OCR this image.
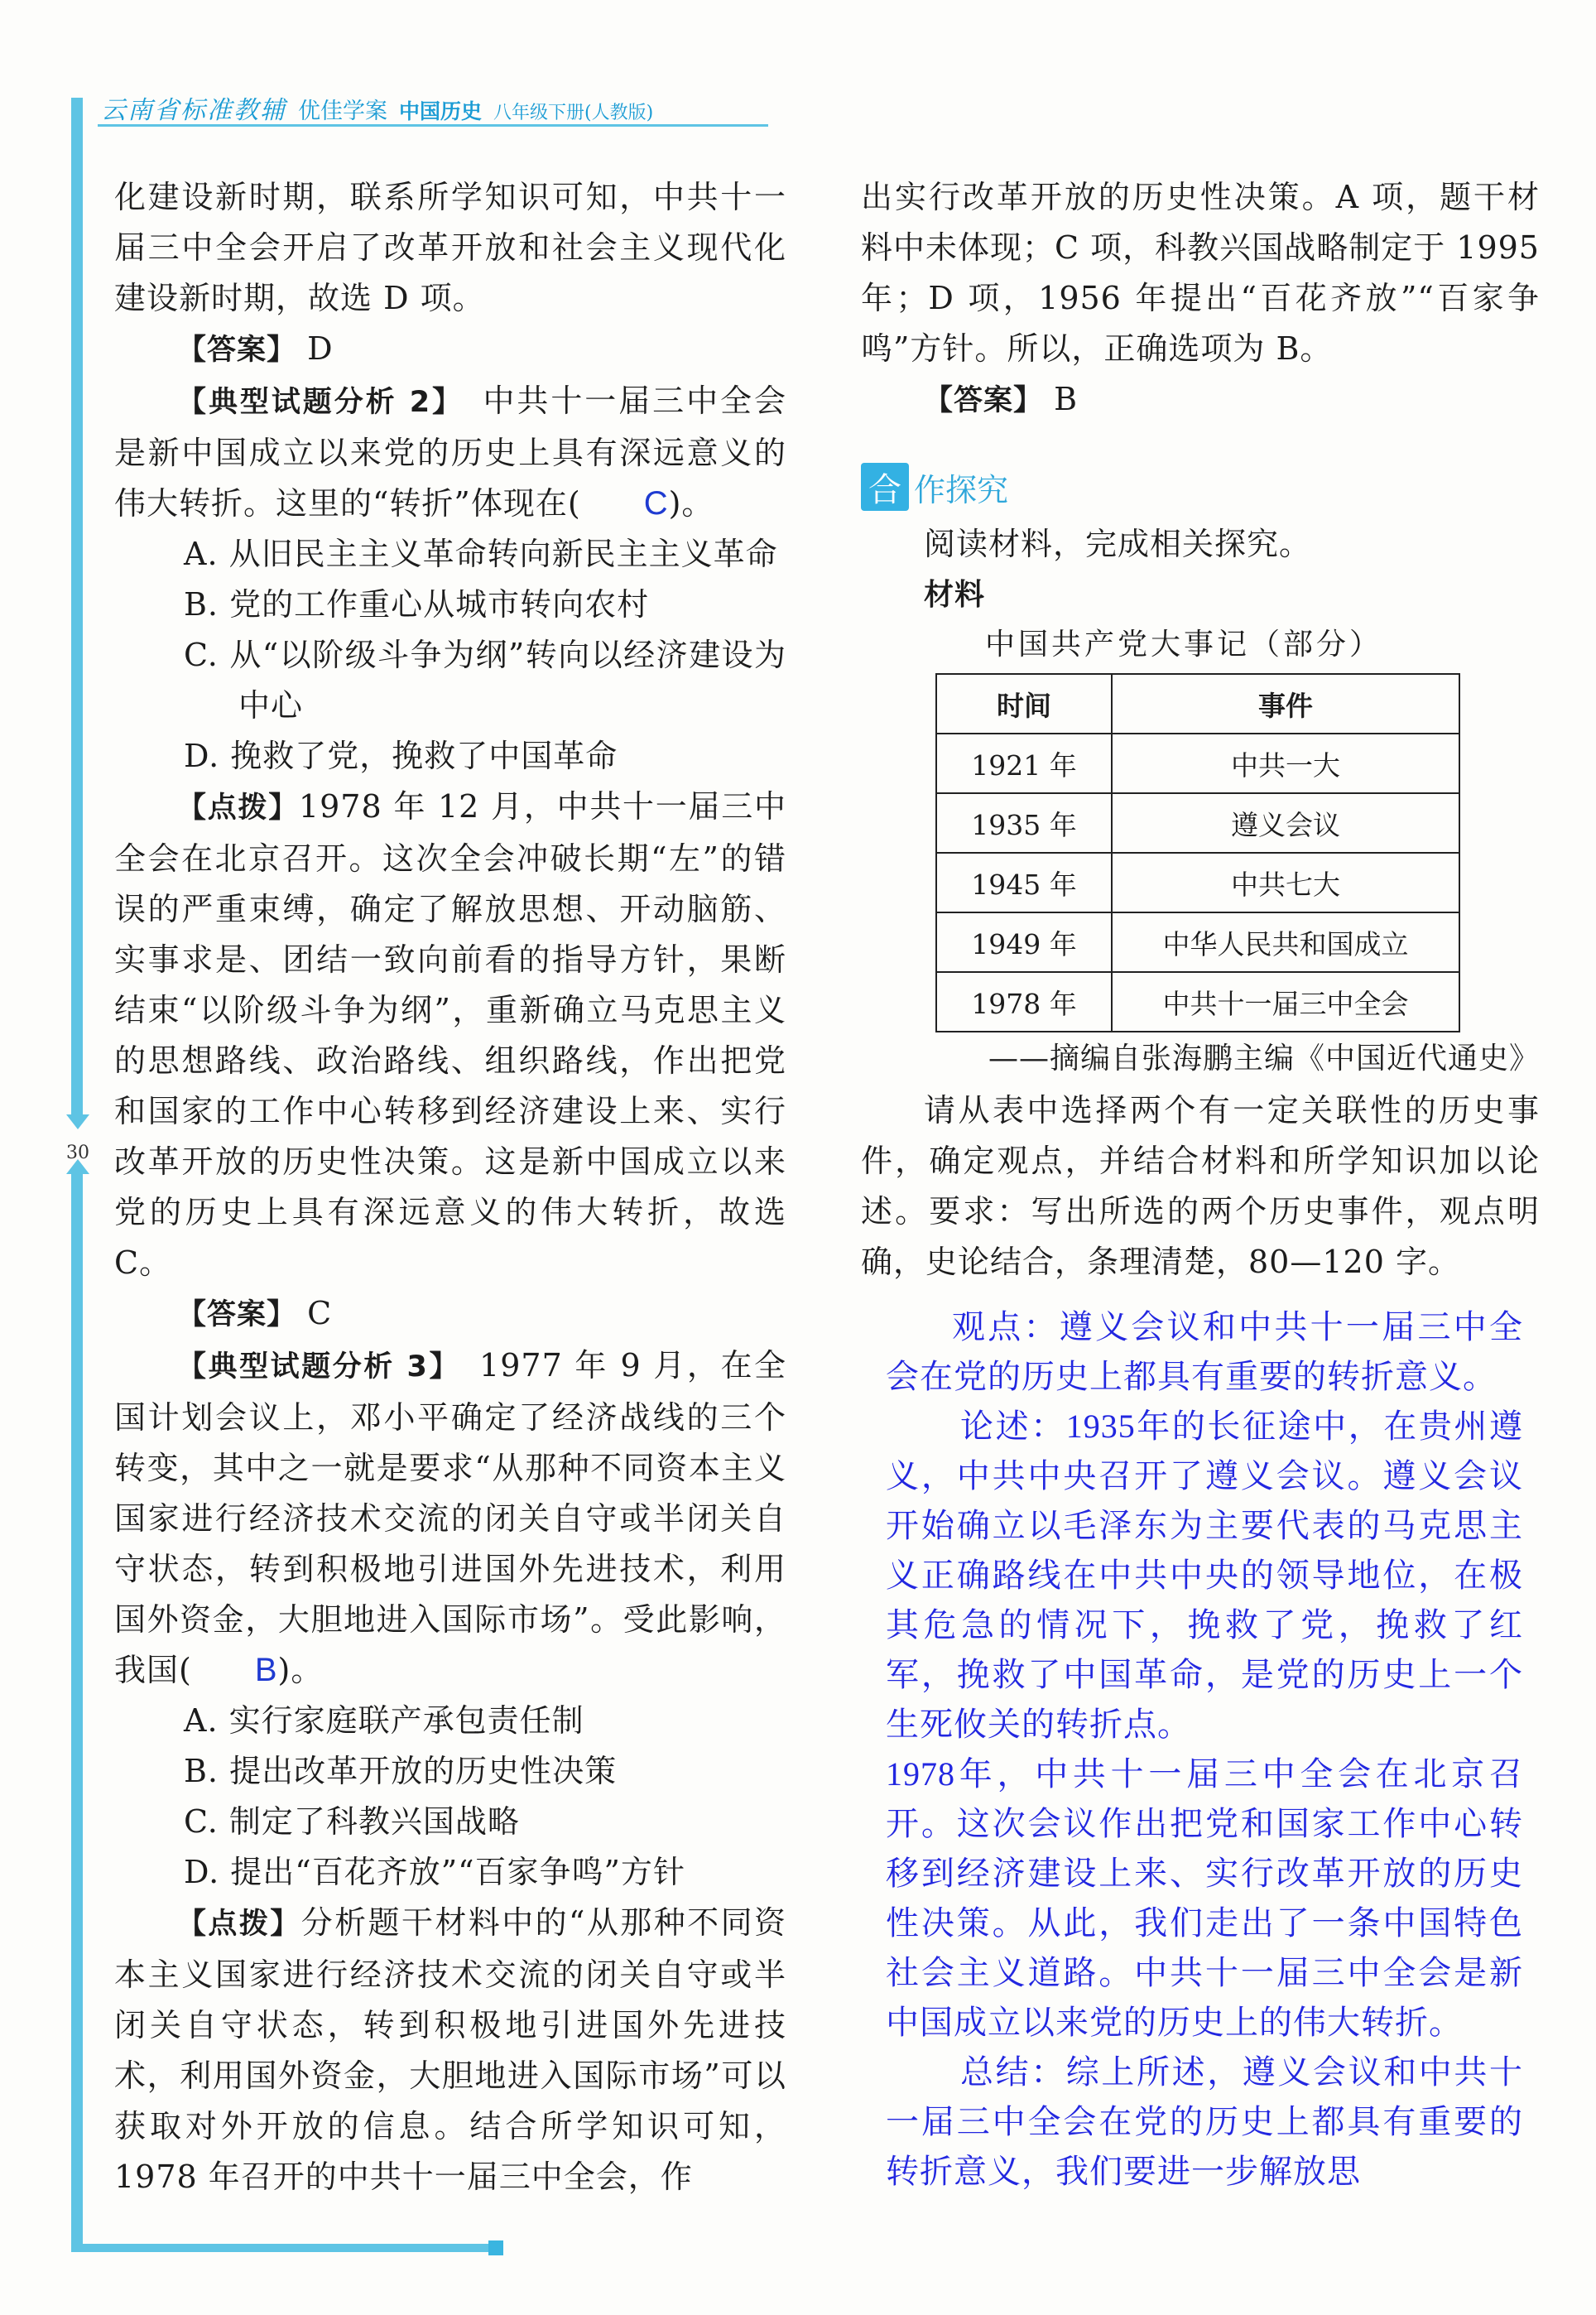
30
云南省标准教辅 优佳学案 中国历史 八年级下册(人教版)

化建设新时期，联系所学知识可知，中共十一届三中全会开启了改革开放和社会主义现代化建设新时期，故选 D 项。

【答案】 D

【典型试题分析 2】　 中共十一届三中全会是新中国成立以来党的历史上具有深远意义的伟大转折。这里的“转折”体现在( C)。

A. 从旧民主主义革命转向新民主主义革命

B. 党的工作重心从城市转向农村

C. 从“以阶级斗争为纲”转向以经济建设为中心

D. 挽救了党，挽救了中国革命

【点拨】1978 年 12 月，中共十一届三中全会在北京召开。这次全会冲破长期“左”的错误的严重束缚，确定了解放思想、开动脑筋、实事求是、团结一致向前看的指导方针，果断结束“以阶级斗争为纲”，重新确立马克思主义的思想路线、政治路线、组织路线，作出把党和国家的工作中心转移到经济建设上来、实行改革开放的历史性决策。这是新中国成立以来党的历史上具有深远意义的伟大转折，故选 C。

【答案】 C

【典型试题分析 3】　 1977 年 9 月，在全国计划会议上，邓小平确定了经济战线的三个转变，其中之一就是要求“从那种不同资本主义国家进行经济技术交流的闭关自守或半闭关自守状态，转到积极地引进国外先进技术，利用国外资金，大胆地进入国际市场”。受此影响，我国( B)。

A. 实行家庭联产承包责任制

B. 提出改革开放的历史性决策

C. 制定了科教兴国战略

D. 提出“百花齐放”“百家争鸣”方针

【点拨】分析题干材料中的“从那种不同资本主义国家进行经济技术交流的闭关自守或半闭关自守状态，转到积极地引进国外先进技术，利用国外资金，大胆地进入国际市场”可以获取对外开放的信息。结合所学知识可知，1978 年召开的中共十一届三中全会，作

出实行改革开放的历史性决策。A 项，题干材料中未体现；C 项，科教兴国战略制定于 1995 年；D 项，1956 年提出“百花齐放”“百家争鸣”方针。所以，正确选项为 B。

【答案】 B

合 作探究

阅读材料，完成相关探究。

材料

中国共产党大事记（部分）
时间	事件
1921 年	中共一大
1935 年	遵义会议
1945 年	中共七大
1949 年	中华人民共和国成立
1978 年	中共十一届三中全会
——摘编自张海鹏主编《中国近代通史》

请从表中选择两个有一定关联性的历史事件，确定观点，并结合材料和所学知识加以论述。要求：写出所选的两个历史事件，观点明确，史论结合，条理清楚，80—120 字。

观点：遵义会议和中共十一届三中全会在党的历史上都具有重要的转折意义。

论述：1935年的长征途中，在贵州遵义，中共中央召开了遵义会议。遵义会议开始确立以毛泽东为主要代表的马克思主义正确路线在中共中央的领导地位，在极其危急的情况下，挽救了党，挽救了红军，挽救了中国革命，是党的历史上一个生死攸关的转折点。

1978年，中共十一届三中全会在北京召开。这次会议作出把党和国家工作中心转移到经济建设上来、实行改革开放的历史性决策。从此，我们走出了一条中国特色社会主义道路。中共十一届三中全会是新中国成立以来党的历史上的伟大转折。

总结：综上所述，遵义会议和中共十一届三中全会在党的历史上都具有重要的转折意义，我们要进一步解放思
